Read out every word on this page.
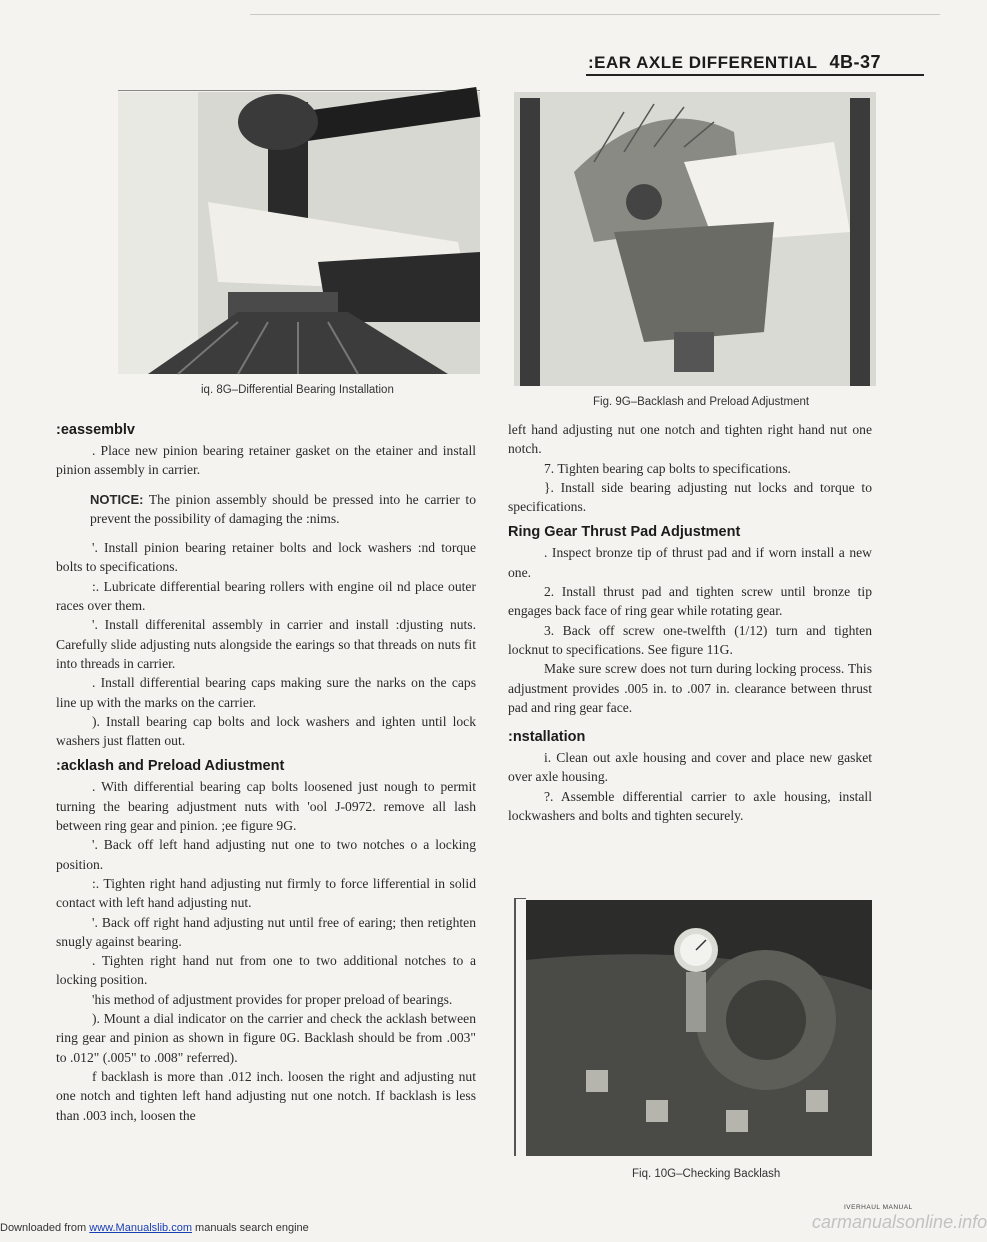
:EAR AXLE DIFFERENTIAL 4B-37
iq. 8G–Differential Bearing Installation
Fig. 9G–Backlash and Preload Adjustment
:eassemblv

. Place new pinion bearing retainer gasket on the etainer and install pinion assembly in carrier.

NOTICE: The pinion assembly should be pressed into he carrier to prevent the possibility of damaging the :nims.

'. Install pinion bearing retainer bolts and lock washers :nd torque bolts to specifications.

:. Lubricate differential bearing rollers with engine oil nd place outer races over them.

'. Install differenital assembly in carrier and install :djusting nuts. Carefully slide adjusting nuts alongside the earings so that threads on nuts fit into threads in carrier.

. Install differential bearing caps making sure the narks on the caps line up with the marks on the carrier.

). Install bearing cap bolts and lock washers and ighten until lock washers just flatten out.

:acklash and Preload Adiustment

. With differential bearing cap bolts loosened just nough to permit turning the bearing adjustment nuts with 'ool J-0972. remove all lash between ring gear and pinion. ;ee figure 9G.

'. Back off left hand adjusting nut one to two notches o a locking position.

:. Tighten right hand adjusting nut firmly to force lifferential in solid contact with left hand adjusting nut.

'. Back off right hand adjusting nut until free of earing; then retighten snugly against bearing.

. Tighten right hand nut from one to two additional notches to a locking position.

'his method of adjustment provides for proper preload of bearings.

). Mount a dial indicator on the carrier and check the acklash between ring gear and pinion as shown in figure 0G. Backlash should be from .003" to .012" (.005" to .008" referred).

f backlash is more than .012 inch. loosen the right and adjusting nut one notch and tighten left hand adjusting nut one notch. If backlash is less than .003 inch, loosen the

left hand adjusting nut one notch and tighten right hand nut one notch.

7. Tighten bearing cap bolts to specifications.

}. Install side bearing adjusting nut locks and torque to specifications.

Ring Gear Thrust Pad Adjustment

. Inspect bronze tip of thrust pad and if worn install a new one.

2. Install thrust pad and tighten screw until bronze tip engages back face of ring gear while rotating gear.

3. Back off screw one-twelfth (1/12) turn and tighten locknut to specifications. See figure 11G.

Make sure screw does not turn during locking process. This adjustment provides .005 in. to .007 in. clearance between thrust pad and ring gear face.

:nstallation

i. Clean out axle housing and cover and place new gasket over axle housing.

?. Assemble differential carrier to axle housing, install lockwashers and bolts and tighten securely.

Fiq. 10G–Checking Backlash
IVERHAUL MANUAL
carmanualsonline.info
Downloaded from www.Manualslib.com manuals search engine
